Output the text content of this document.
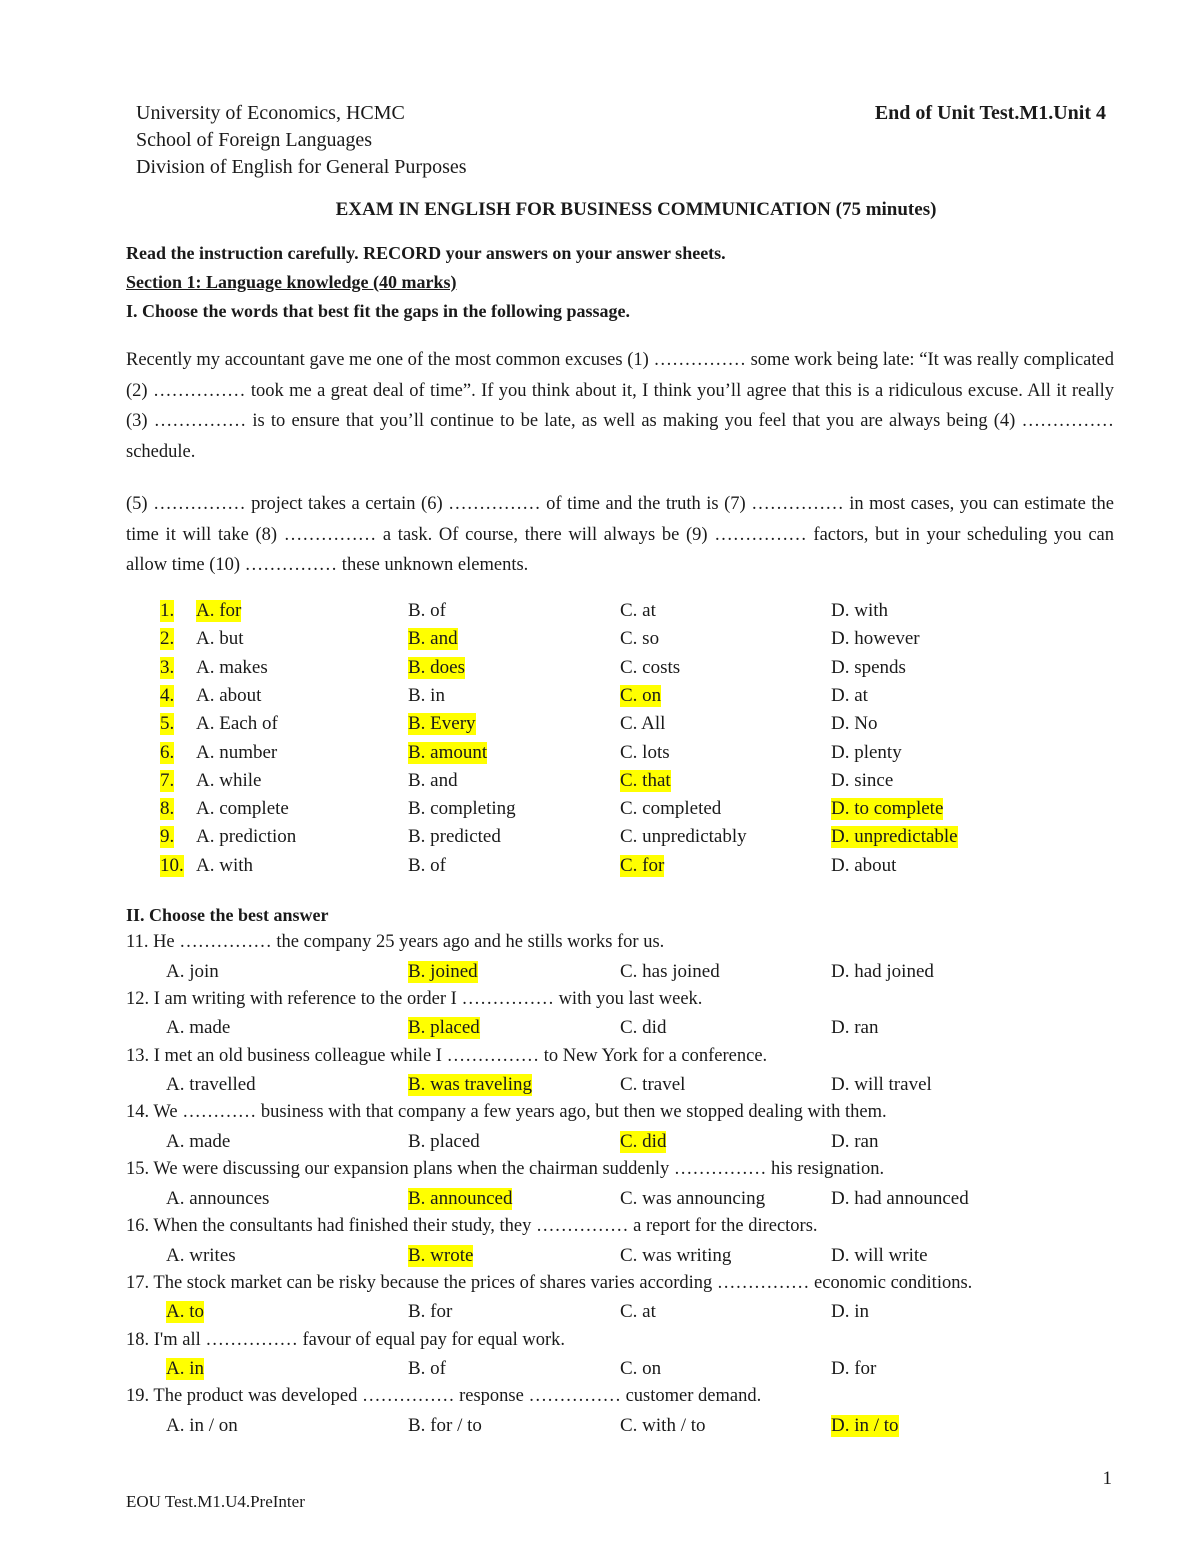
University of Economics, HCMC
School of Foreign Languages
Division of English for General Purposes
End of Unit Test.M1.Unit 4
EXAM IN ENGLISH FOR BUSINESS COMMUNICATION (75 minutes)
Read the instruction carefully. RECORD your answers on your answer sheets.
Section 1: Language knowledge (40 marks)
I. Choose the words that best fit the gaps in the following passage.
Recently my accountant gave me one of the most common excuses (1) …………… some work being late: “It was really complicated (2) …………… took me a great deal of time”. If you think about it, I think you’ll agree that this is a ridiculous excuse. All it really (3) …………… is to ensure that you’ll continue to be late, as well as making you feel that you are always being (4) …………… schedule.
(5) …………… project takes a certain (6) …………… of time and the truth is (7) …………… in most cases, you can estimate the time it will take (8) …………… a task. Of course, there will always be (9) …………… factors, but in your scheduling you can allow time (10) …………… these unknown elements.
1. A. for	B. of	C. at	D. with
2. A. but	B. and	C. so	D. however
3. A. makes	B. does	C. costs	D. spends
4. A. about	B. in	C. on	D. at
5. A. Each of	B. Every	C. All	D. No
6. A. number	B. amount	C. lots	D. plenty
7. A. while	B. and	C. that	D. since
8. A. complete	B. completing	C. completed	D. to complete
9. A. prediction	B. predicted	C. unpredictably	D. unpredictable
10. A. with	B. of	C. for	D. about
II. Choose the best answer
11. He …………… the company 25 years ago and he stills works for us.
A. join	B. joined	C. has joined	D. had joined
12. I am writing with reference to the order I …………… with you last week.
A. made	B. placed	C. did	D. ran
13. I met an old business colleague while I …………… to New York for a conference.
A. travelled	B. was traveling	C. travel	D. will travel
14. We ………… business with that company a few years ago, but then we stopped dealing with them.
A. made	B. placed	C. did	D. ran
15. We were discussing our expansion plans when the chairman suddenly …………… his resignation.
A. announces	B. announced	C. was announcing	D. had announced
16. When the consultants had finished their study, they …………… a report for the directors.
A. writes	B. wrote	C. was writing	D. will write
17. The stock market can be risky because the prices of shares varies according …………… economic conditions.
A. to	B. for	C. at	D. in
18. I'm all …………… favour of equal pay for equal work.
A. in	B. of	C. on	D. for
19. The product was developed …………… response …………… customer demand.
A. in / on	B. for / to	C. with / to	D. in / to
1
EOU Test.M1.U4.PreInter
